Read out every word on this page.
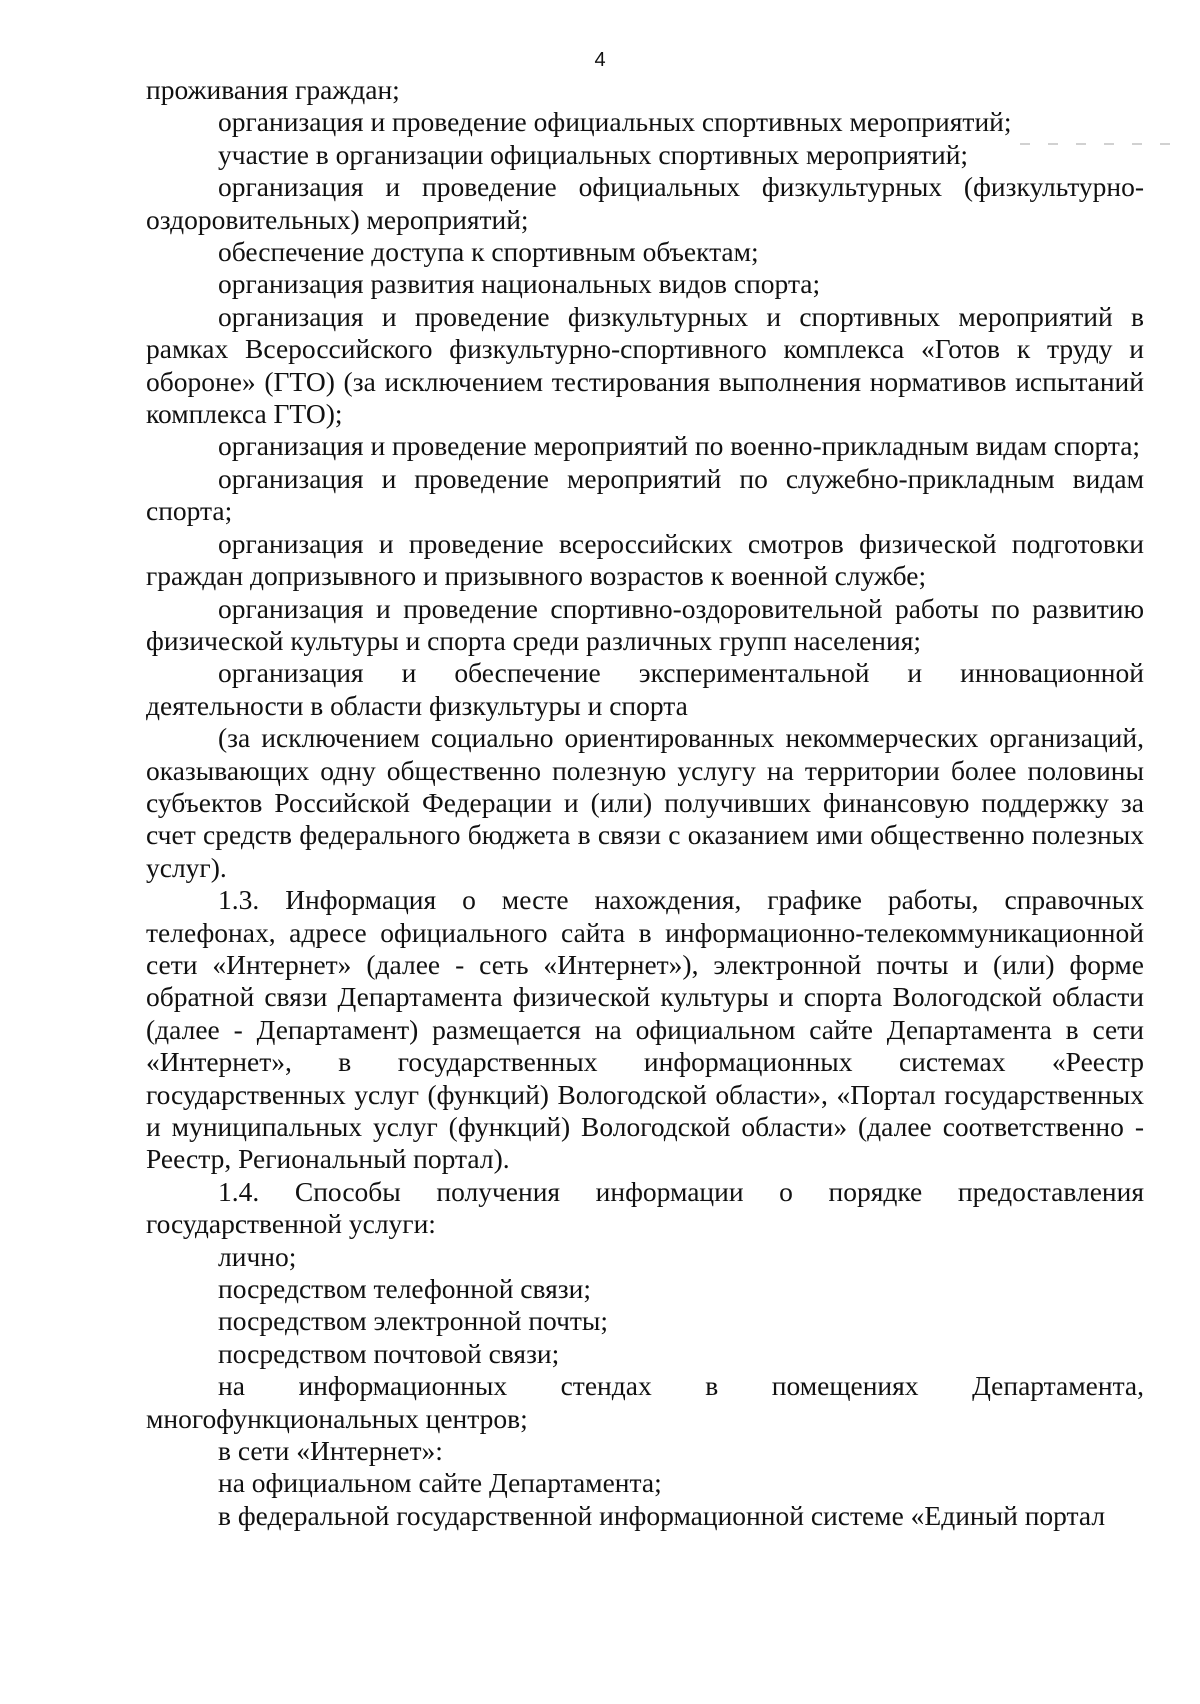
4

проживания граждан;

организация и проведение официальных спортивных мероприятий;

участие в организации официальных спортивных мероприятий;

организация и проведение официальных физкультурных (физкультурно-оздоровительных) мероприятий;

обеспечение доступа к спортивным объектам;

организация развития национальных видов спорта;

организация и проведение физкультурных и спортивных мероприятий в рамках Всероссийского физкультурно-спортивного комплекса «Готов к труду и обороне» (ГТО) (за исключением тестирования выполнения нормативов испытаний комплекса ГТО);

организация и проведение мероприятий по военно-прикладным видам спорта;

организация и проведение мероприятий по служебно-прикладным видам спорта;

организация и проведение всероссийских смотров физической подготовки граждан допризывного и призывного возрастов к военной службе;

организация и проведение спортивно-оздоровительной работы по развитию физической культуры и спорта среди различных групп населения;

организация и обеспечение экспериментальной и инновационной деятельности в области физкультуры и спорта

(за исключением социально ориентированных некоммерческих организаций, оказывающих одну общественно полезную услугу на территории более половины субъектов Российской Федерации и (или) получивших финансовую поддержку за счет средств федерального бюджета в связи с оказанием ими общественно полезных услуг).

1.3. Информация о месте нахождения, графике работы, справочных телефонах, адресе официального сайта в информационно-телекоммуникационной сети «Интернет» (далее - сеть «Интернет»), электронной почты и (или) форме обратной связи Департамента физической культуры и спорта Вологодской области (далее - Департамент) размещается на официальном сайте Департамента в сети «Интернет», в государственных информационных системах «Реестр государственных услуг (функций) Вологодской области», «Портал государственных и муниципальных услуг (функций) Вологодской области» (далее соответственно - Реестр, Региональный портал).

1.4. Способы получения информации о порядке предоставления государственной услуги:

лично;

посредством телефонной связи;

посредством электронной почты;

посредством почтовой связи;

на информационных стендах в помещениях Департамента, многофункциональных центров;

в сети «Интернет»:

на официальном сайте Департамента;

в федеральной государственной информационной системе «Единый портал
